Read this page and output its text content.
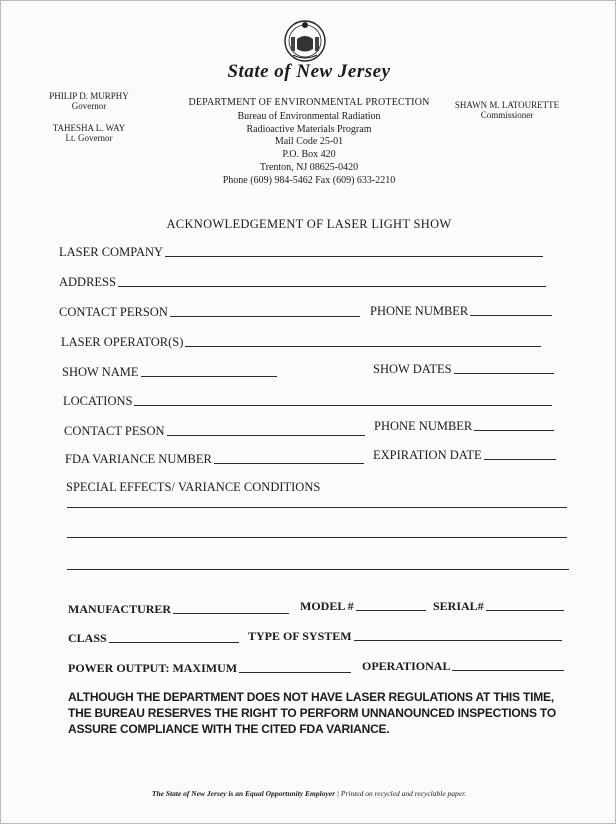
State of New Jersey
DEPARTMENT OF ENVIRONMENTAL PROTECTION
Bureau of Environmental Radiation
Radioactive Materials Program
Mail Code 25-01
P.O. Box 420
Trenton, NJ 08625-0420
Phone (609) 984-5462 Fax (609) 633-2210
PHILIP D. MURPHY
Governor
TAHESHA L. WAY
Lt. Governor
SHAWN M. LATOURETTE
Commissioner
ACKNOWLEDGEMENT OF LASER LIGHT SHOW
LASER COMPANY
ADDRESS
CONTACT PERSON	PHONE NUMBER
LASER OPERATOR(S)
SHOW NAME	SHOW DATES
LOCATIONS
CONTACT PESON	PHONE NUMBER
FDA VARIANCE NUMBER	EXPIRATION DATE
SPECIAL EFFECTS/ VARIANCE CONDITIONS
MANUFACTURER	MODEL #	SERIAL#
CLASS	TYPE OF SYSTEM
POWER OUTPUT: MAXIMUM	OPERATIONAL
ALTHOUGH THE DEPARTMENT DOES NOT HAVE LASER REGULATIONS AT THIS TIME, THE BUREAU RESERVES THE RIGHT TO PERFORM UNNANOUNCED INSPECTIONS TO ASSURE COMPLIANCE WITH THE CITED FDA VARIANCE.
The State of New Jersey is an Equal Opportunity Employer | Printed on recycled and recyclable paper.
